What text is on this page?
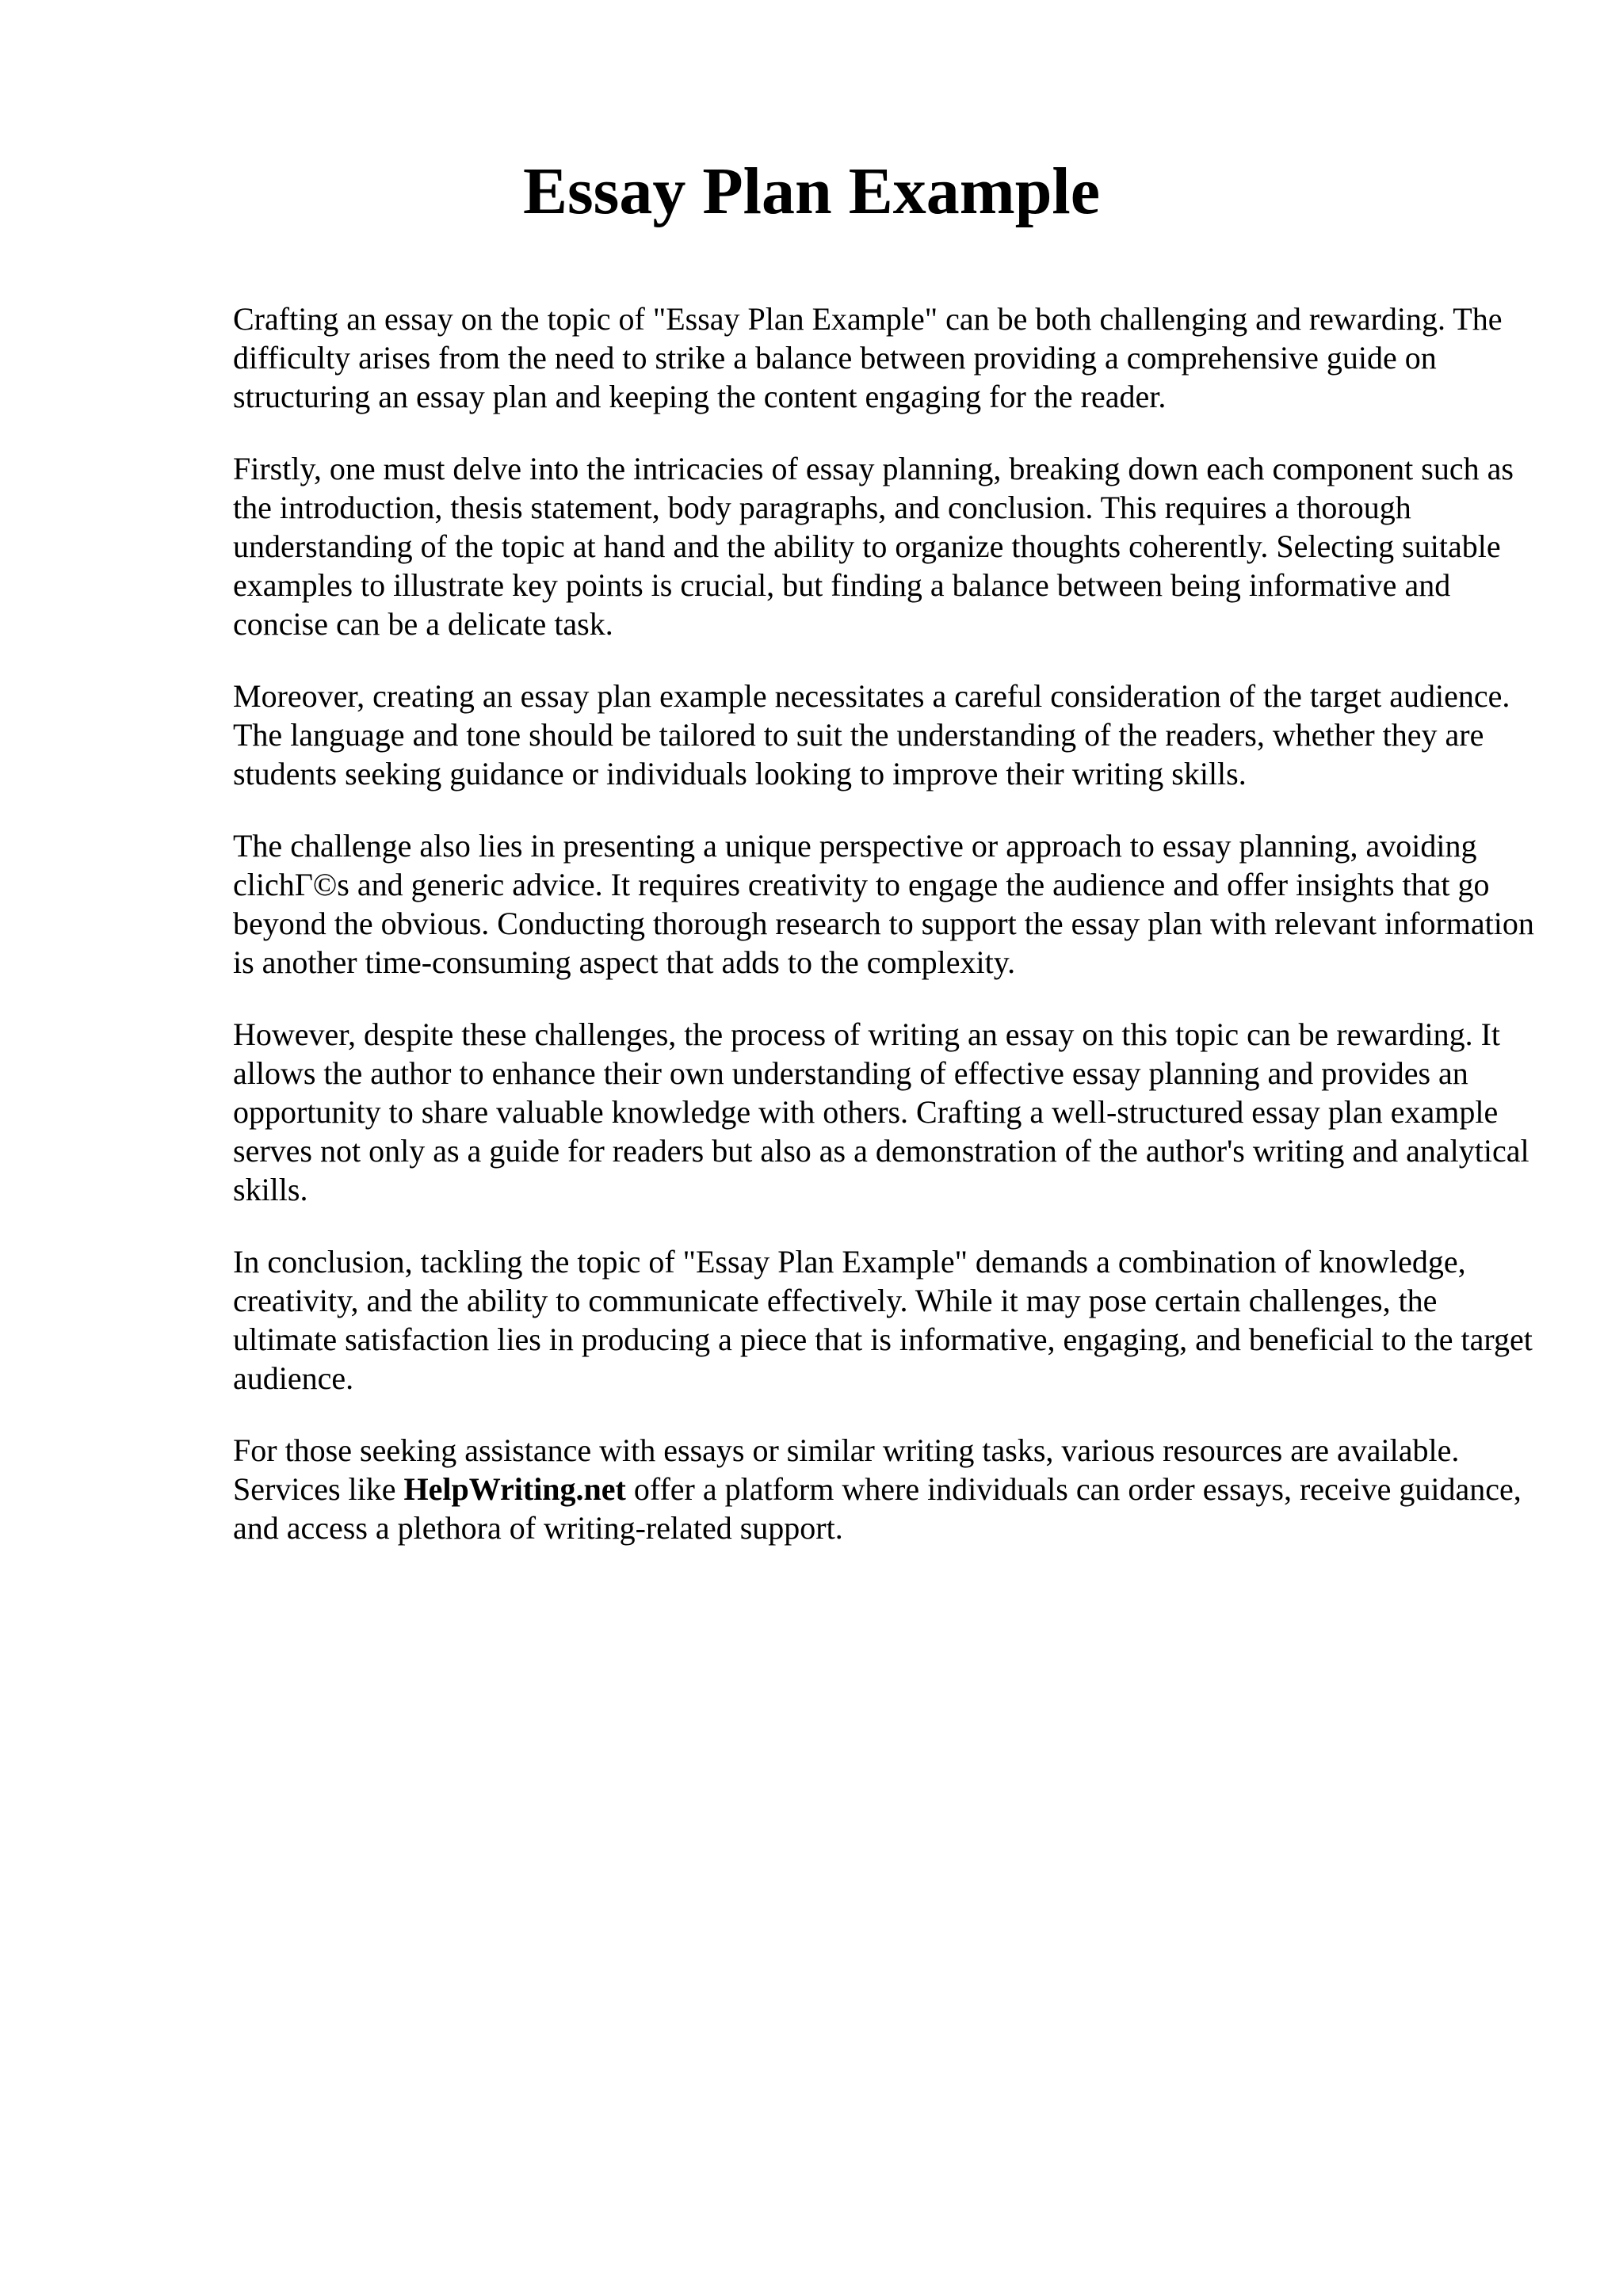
Essay Plan Example

Crafting an essay on the topic of "Essay Plan Example" can be both challenging and rewarding. The difficulty arises from the need to strike a balance between providing a comprehensive guide on structuring an essay plan and keeping the content engaging for the reader.

Firstly, one must delve into the intricacies of essay planning, breaking down each component such as the introduction, thesis statement, body paragraphs, and conclusion. This requires a thorough understanding of the topic at hand and the ability to organize thoughts coherently. Selecting suitable examples to illustrate key points is crucial, but finding a balance between being informative and concise can be a delicate task.

Moreover, creating an essay plan example necessitates a careful consideration of the target audience. The language and tone should be tailored to suit the understanding of the readers, whether they are students seeking guidance or individuals looking to improve their writing skills.

The challenge also lies in presenting a unique perspective or approach to essay planning, avoiding clichΓ©s and generic advice. It requires creativity to engage the audience and offer insights that go beyond the obvious. Conducting thorough research to support the essay plan with relevant information is another time-consuming aspect that adds to the complexity.

However, despite these challenges, the process of writing an essay on this topic can be rewarding. It allows the author to enhance their own understanding of effective essay planning and provides an opportunity to share valuable knowledge with others. Crafting a well-structured essay plan example serves not only as a guide for readers but also as a demonstration of the author's writing and analytical skills.

In conclusion, tackling the topic of "Essay Plan Example" demands a combination of knowledge, creativity, and the ability to communicate effectively. While it may pose certain challenges, the ultimate satisfaction lies in producing a piece that is informative, engaging, and beneficial to the target audience.

For those seeking assistance with essays or similar writing tasks, various resources are available. Services like HelpWriting.net offer a platform where individuals can order essays, receive guidance, and access a plethora of writing-related support.
